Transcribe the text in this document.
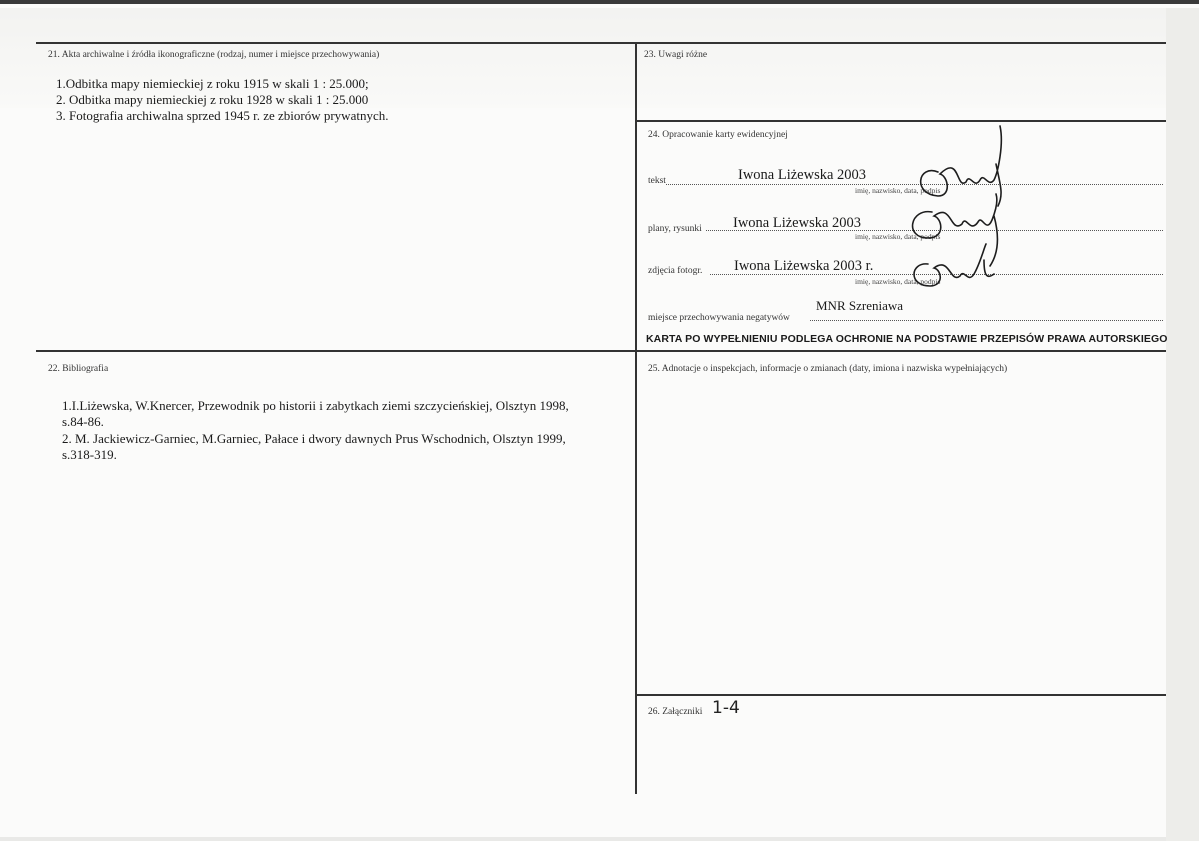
21. Akta archiwalne i źródła ikonograficzne (rodzaj, numer i miejsce przechowywania)
1.Odbitka mapy niemieckiej z roku 1915 w skali 1 : 25.000;
2. Odbitka mapy niemieckiej z roku 1928 w skali 1 : 25.000
3. Fotografia archiwalna sprzed 1945 r. ze zbiorów prywatnych.
22. Bibliografia
1.I.Liżewska, W.Knercer, Przewodnik po historii i zabytkach ziemi szczycieńskiej, Olsztyn 1998,
s.84-86.
2. M. Jackiewicz-Garniec, M.Garniec, Pałace i dwory dawnych Prus Wschodnich, Olsztyn 1999,
s.318-319.
23. Uwagi różne
24. Opracowanie karty ewidencyjnej
tekst	Iwona Liżewska 2003
imię, nazwisko, data, podpis
plany, rysunki Iwona Liżewska 2003
imię, nazwisko, data, podpis
zdjęcia fotogr. Iwona Liżewska 2003 r.
imię, nazwisko, data, podpis
MNR Szreniawa
miejsce przechowywania negatywów
KARTA PO WYPEŁNIENIU PODLEGA OCHRONIE NA PODSTAWIE PRZEPISÓW PRAWA AUTORSKIEGO
25. Adnotacje o inspekcjach, informacje o zmianach (daty, imiona i nazwiska wypełniających)
26. Załączniki 1-4
